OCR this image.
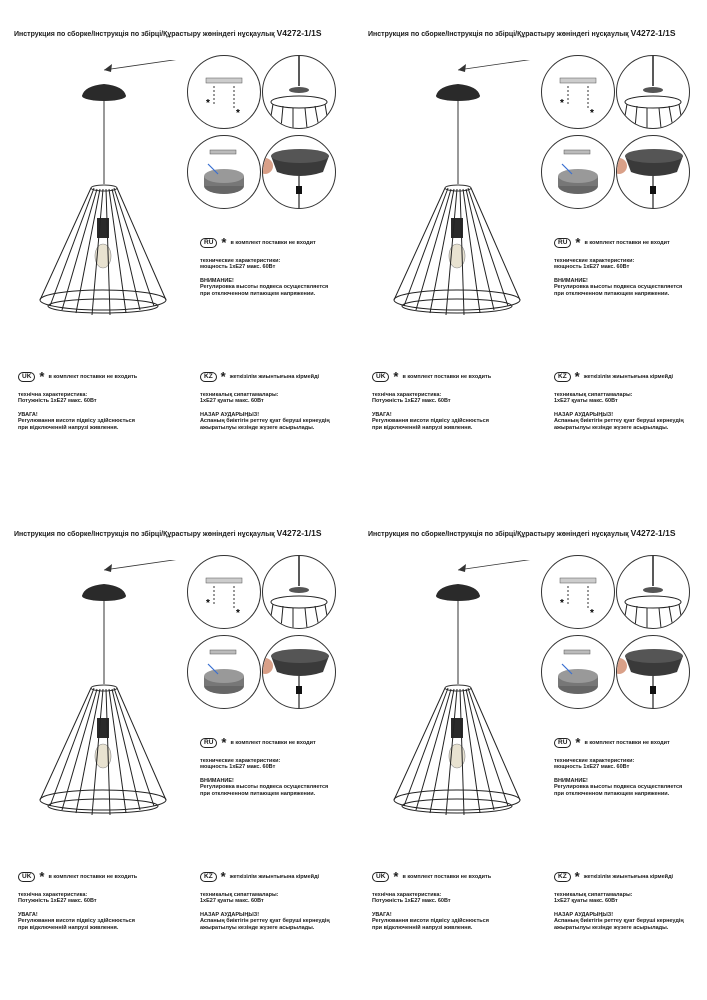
Инструкция по сборке/Інструкція по збірці/Құрастыру жөніндегі нұсқаулық V4272-1/1S
*
*
RU * в комплект поставки не входит
технические характеристики:
мощность 1хЕ27 макс. 60Вт
ВНИМАНИЕ!
Регулировка высоты подвеса осуществляется
при отключенном питающем напряжении.
UK * в комплект поставки не входить
технічна характеристика:
Потужність 1хЕ27 макс. 60Вт
УВАГА!
Регулювання висоти підвісу здійснюється
при відключенній напрузі живлення.
KZ * жеткізілім жиынтығына кірмейді
техникалық сипаттамалары:
1хЕ27 қуаты макс. 60Вт
НАЗАР АУДАРЫҢЫЗ!
Аспаның биіктігін реттеу қуат беруші кернеудің
ажыратылуы кезінде жүзеге асырылады.
Инструкция по сборке/Інструкція по збірці/Құрастыру жөніндегі нұсқаулық V4272-1/1S
*
*
RU * в комплект поставки не входит
технические характеристики:
мощность 1хЕ27 макс. 60Вт
ВНИМАНИЕ!
Регулировка высоты подвеса осуществляется
при отключенном питающем напряжении.
UK * в комплект поставки не входить
технічна характеристика:
Потужність 1хЕ27 макс. 60Вт
УВАГА!
Регулювання висоти підвісу здійснюється
при відключенній напрузі живлення.
KZ * жеткізілім жиынтығына кірмейді
техникалық сипаттамалары:
1хЕ27 қуаты макс. 60Вт
НАЗАР АУДАРЫҢЫЗ!
Аспаның биіктігін реттеу қуат беруші кернеудің
ажыратылуы кезінде жүзеге асырылады.
Инструкция по сборке/Інструкція по збірці/Құрастыру жөніндегі нұсқаулық V4272-1/1S
*
*
RU * в комплект поставки не входит
технические характеристики:
мощность 1хЕ27 макс. 60Вт
ВНИМАНИЕ!
Регулировка высоты подвеса осуществляется
при отключенном питающем напряжении.
UK * в комплект поставки не входить
технічна характеристика:
Потужність 1хЕ27 макс. 60Вт
УВАГА!
Регулювання висоти підвісу здійснюється
при відключенній напрузі живлення.
KZ * жеткізілім жиынтығына кірмейді
техникалық сипаттамалары:
1хЕ27 қуаты макс. 60Вт
НАЗАР АУДАРЫҢЫЗ!
Аспаның биіктігін реттеу қуат беруші кернеудің
ажыратылуы кезінде жүзеге асырылады.
Инструкция по сборке/Інструкція по збірці/Құрастыру жөніндегі нұсқаулық V4272-1/1S
*
*
RU * в комплект поставки не входит
технические характеристики:
мощность 1хЕ27 макс. 60Вт
ВНИМАНИЕ!
Регулировка высоты подвеса осуществляется
при отключенном питающем напряжении.
UK * в комплект поставки не входить
технічна характеристика:
Потужність 1хЕ27 макс. 60Вт
УВАГА!
Регулювання висоти підвісу здійснюється
при відключенній напрузі живлення.
KZ * жеткізілім жиынтығына кірмейді
техникалық сипаттамалары:
1хЕ27 қуаты макс. 60Вт
НАЗАР АУДАРЫҢЫЗ!
Аспаның биіктігін реттеу қуат беруші кернеудің
ажыратылуы кезінде жүзеге асырылады.
